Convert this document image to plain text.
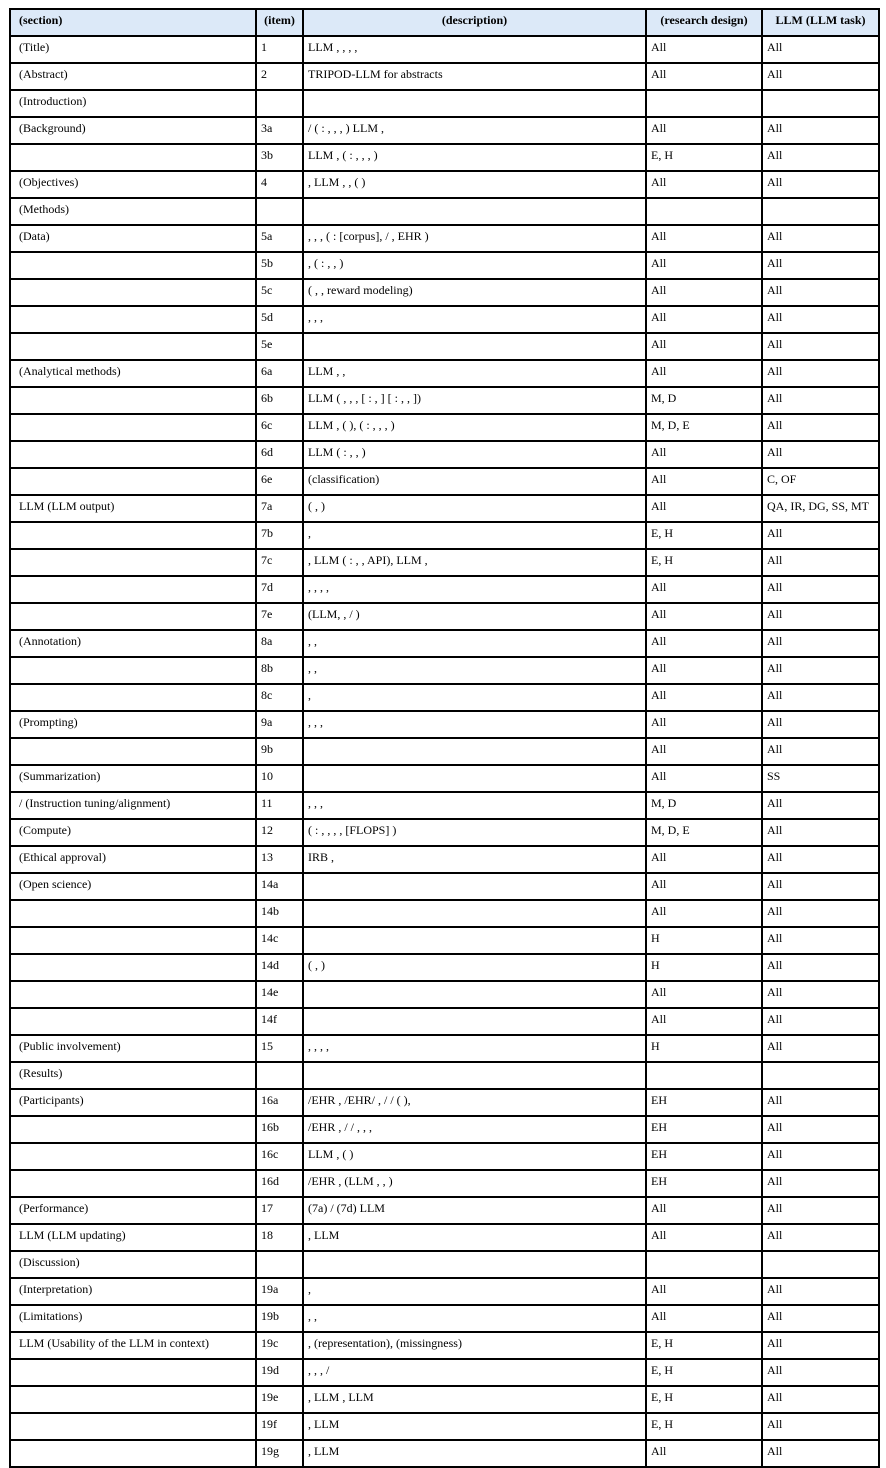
(section)	(item)	(description)	(research design)	LLM (LLM task)
(Title)	1	LLM , , , ,	All	All
(Abstract)	2	TRIPOD-LLM for abstracts	All	All
(Introduction)				
(Background)	3a	/ ( : , , , ) LLM ,	All	All
	3b	LLM , ( : , , , )	E, H	All
(Objectives)	4	, LLM , , ( )	All	All
(Methods)				
(Data)	5a	, , , ( : [corpus], / , EHR )	All	All
	5b	, ( : , , )	All	All
	5c	( , , reward modeling)	All	All
	5d	, , ,	All	All
	5e		All	All
(Analytical methods)	6a	LLM , ,	All	All
	6b	LLM ( , , , [ : , ] [ : , , ])	M, D	All
	6c	LLM , ( ), ( : , , , )	M, D, E	All
	6d	LLM ( : , , )	All	All
	6e	(classification)	All	C, OF
LLM (LLM output)	7a	( , )	All	QA, IR, DG, SS, MT
	7b	,	E, H	All
	7c	, LLM ( : , , API), LLM ,	E, H	All
	7d	, , , ,	All	All
	7e	(LLM, , / )	All	All
(Annotation)	8a	, ,	All	All
	8b	, ,	All	All
	8c	,	All	All
(Prompting)	9a	, , ,	All	All
	9b		All	All
(Summarization)	10		All	SS
/ (Instruction tuning/alignment)	11	, , ,	M, D	All
(Compute)	12	( : , , , , [FLOPS] )	M, D, E	All
(Ethical approval)	13	IRB ,	All	All
(Open science)	14a		All	All
	14b		All	All
	14c		H	All
	14d	( , )	H	All
	14e		All	All
	14f		All	All
(Public involvement)	15	, , , ,	H	All
(Results)				
(Participants)	16a	/EHR , /EHR/ , / / ( ),	EH	All
	16b	/EHR , / / , , ,	EH	All
	16c	LLM , ( )	EH	All
	16d	/EHR , (LLM , , )	EH	All
(Performance)	17	(7a) / (7d) LLM	All	All
LLM (LLM updating)	18	, LLM	All	All
(Discussion)				
(Interpretation)	19a	,	All	All
(Limitations)	19b	, ,	All	All
LLM (Usability of the LLM in context)	19c	, (representation), (missingness)	E, H	All
	19d	, , , /	E, H	All
	19e	, LLM , LLM	E, H	All
	19f	, LLM	E, H	All
	19g	, LLM	All	All
